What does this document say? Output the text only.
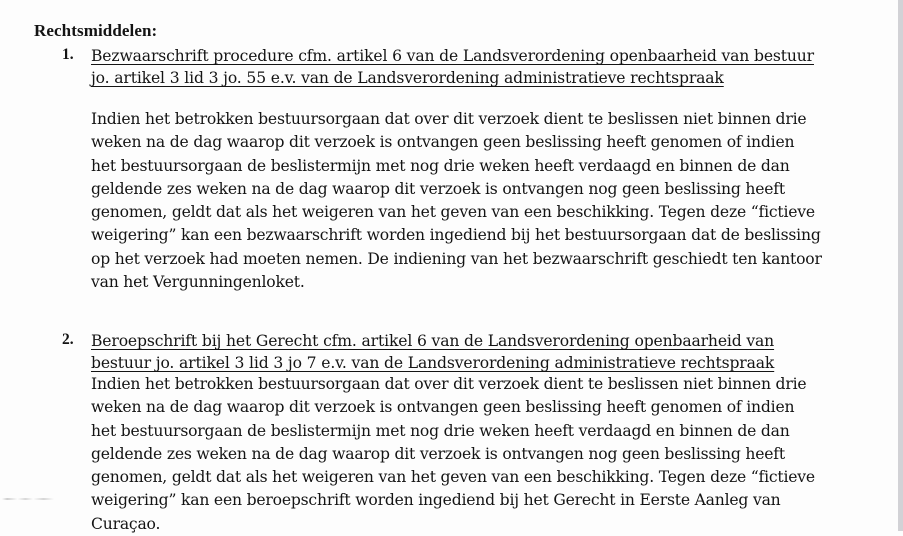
Rechtsmiddelen:
1. Bezwaarschrift procedure cfm. artikel 6 van de Landsverordening openbaarheid van bestuur
jo. artikel 3 lid 3 jo. 55 e.v. van de Landsverordening administratieve rechtspraak
Indien het betrokken bestuursorgaan dat over dit verzoek dient te beslissen niet binnen drie
weken na de dag waarop dit verzoek is ontvangen geen beslissing heeft genomen of indien
het bestuursorgaan de beslistermijn met nog drie weken heeft verdaagd en binnen de dan
geldende zes weken na de dag waarop dit verzoek is ontvangen nog geen beslissing heeft
genomen, geldt dat als het weigeren van het geven van een beschikking. Tegen deze “fictieve
weigering” kan een bezwaarschrift worden ingediend bij het bestuursorgaan dat de beslissing
op het verzoek had moeten nemen. De indiening van het bezwaarschrift geschiedt ten kantoor
van het Vergunningenloket.
2. Beroepschrift bij het Gerecht cfm. artikel 6 van de Landsverordening openbaarheid van
bestuur jo. artikel 3 lid 3 jo 7 e.v. van de Landsverordening administratieve rechtspraak
Indien het betrokken bestuursorgaan dat over dit verzoek dient te beslissen niet binnen drie
weken na de dag waarop dit verzoek is ontvangen geen beslissing heeft genomen of indien
het bestuursorgaan de beslistermijn met nog drie weken heeft verdaagd en binnen de dan
geldende zes weken na de dag waarop dit verzoek is ontvangen nog geen beslissing heeft
genomen, geldt dat als het weigeren van het geven van een beschikking. Tegen deze “fictieve
weigering” kan een beroepschrift worden ingediend bij het Gerecht in Eerste Aanleg van
Curaçao.
